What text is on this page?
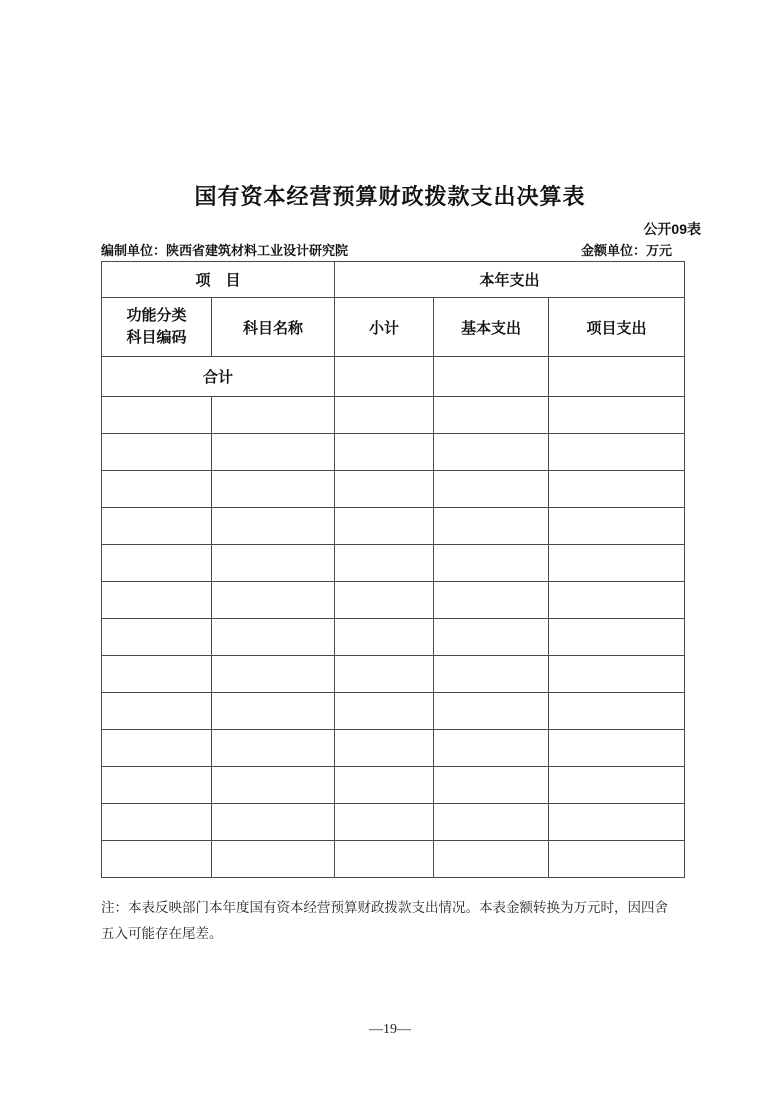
国有资本经营预算财政拨款支出决算表
公开09表
编制单位：陕西省建筑材料工业设计研究院	金额单位：万元
项　目		本年支出		

功能分类
科目编码	科目名称	小计	基本支出	项目支出
合计				

注：本表反映部门本年度国有资本经营预算财政拨款支出情况。本表金额转换为万元时，因四舍
五入可能存在尾差。
—19—
